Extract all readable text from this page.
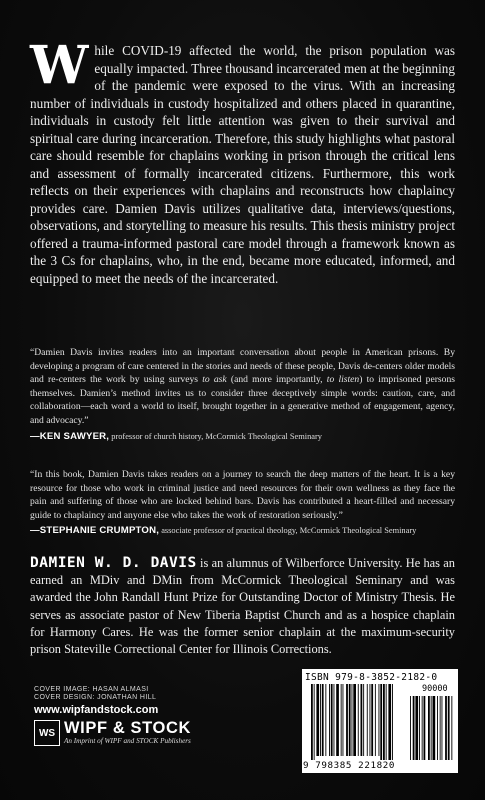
While COVID-19 affected the world, the prison population was equally impacted. Three thousand incarcerated men at the beginning of the pandemic were exposed to the virus. With an increasing number of individuals in custody hospitalized and others placed in quarantine, individuals in custody felt little attention was given to their survival and spiritual care during incarceration. Therefore, this study highlights what pastoral care should resemble for chaplains working in prison through the critical lens and assessment of formally incarcerated citizens. Furthermore, this work reflects on their experiences with chaplains and reconstructs how chaplaincy provides care. Damien Davis utilizes qualitative data, interviews/questions, observations, and storytelling to measure his results. This thesis ministry project offered a trauma-informed pastoral care model through a framework known as the 3 Cs for chaplains, who, in the end, became more educated, informed, and equipped to meet the needs of the incarcerated.
“Damien Davis invites readers into an important conversation about people in American prisons. By developing a program of care centered in the stories and needs of these people, Davis de-centers older models and re-centers the work by using surveys to ask (and more importantly, to listen) to imprisoned persons themselves. Damien’s method invites us to consider three deceptively simple words: caution, care, and collaboration—each word a world to itself, brought together in a generative method of engagement, agency, and advocacy.”
—KEN SAWYER, professor of church history, McCormick Theological Seminary
“In this book, Damien Davis takes readers on a journey to search the deep matters of the heart. It is a key resource for those who work in criminal justice and need resources for their own wellness as they face the pain and suffering of those who are locked behind bars. Davis has contributed a heart-filled and necessary guide to chaplaincy and anyone else who takes the work of restoration seriously.”
—STEPHANIE CRUMPTON, associate professor of practical theology, McCormick Theological Seminary
DAMIEN W. D. DAVIS is an alumnus of Wilberforce University. He has an earned an MDiv and DMin from McCormick Theological Seminary and was awarded the John Randall Hunt Prize for Outstanding Doctor of Ministry Thesis. He serves as associate pastor of New Tiberia Baptist Church and as a hospice chaplain for Harmony Cares. He was the former senior chaplain at the maximum-security prison Stateville Correctional Center for Illinois Corrections.
COVER IMAGE: HASAN ALMASI
COVER DESIGN: JONATHAN HILL
www.wipfandstock.com
WS WIPF & STOCK
An Imprint of WIPF and STOCK Publishers
ISBN 979-8-3852-2182-0
90000
9 798385 221820
